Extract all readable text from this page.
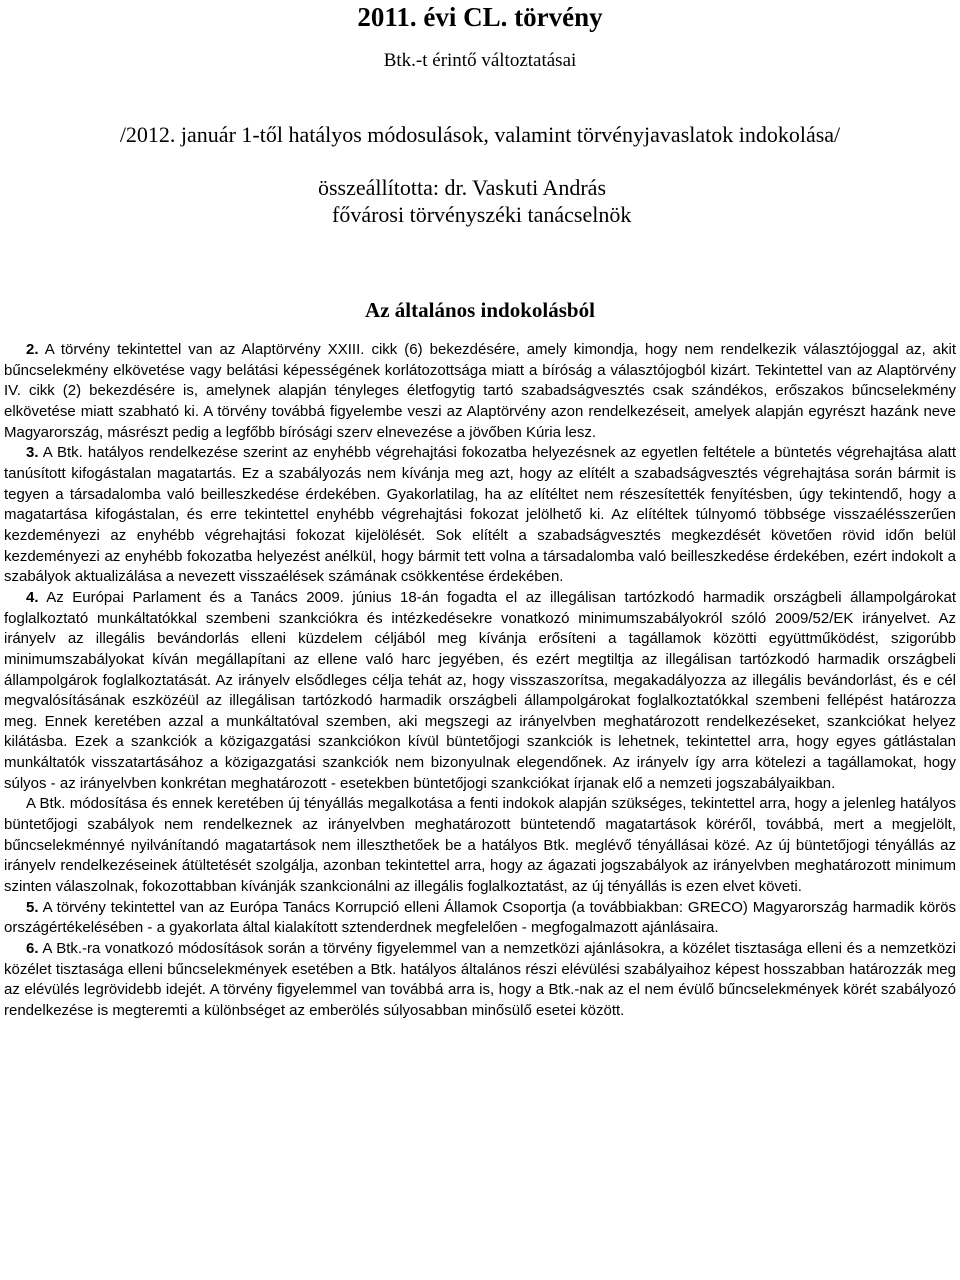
2011. évi CL. törvény
Btk.-t érintő változtatásai
/2012. január 1-től hatályos módosulások, valamint törvényjavaslatok indokolása/
összeállította: dr. Vaskuti András
fővárosi törvényszéki tanácselnök
Az általános indokolásból

2. A törvény tekintettel van az Alaptörvény XXIII. cikk (6) bekezdésére, amely kimondja, hogy nem rendelkezik választójoggal az, akit bűncselekmény elkövetése vagy belátási képességének korlátozottsága miatt a bíróság a választójogból kizárt. Tekintettel van az Alaptörvény IV. cikk (2) bekezdésére is, amelynek alapján tényleges életfogytig tartó szabadságvesztés csak szándékos, erőszakos bűncselekmény elkövetése miatt szabható ki. A törvény továbbá figyelembe veszi az Alaptörvény azon rendelkezéseit, amelyek alapján egyrészt hazánk neve Magyarország, másrészt pedig a legfőbb bírósági szerv elnevezése a jövőben Kúria lesz.

3. A Btk. hatályos rendelkezése szerint az enyhébb végrehajtási fokozatba helyezésnek az egyetlen feltétele a büntetés végrehajtása alatt tanúsított kifogástalan magatartás. Ez a szabályozás nem kívánja meg azt, hogy az elítélt a szabadságvesztés végrehajtása során bármit is tegyen a társadalomba való beilleszkedése érdekében. Gyakorlatilag, ha az elítéltet nem részesítették fenyítésben, úgy tekintendő, hogy a magatartása kifogástalan, és erre tekintettel enyhébb végrehajtási fokozat jelölhető ki. Az elítéltek túlnyomó többsége visszaélésszerűen kezdeményezi az enyhébb végrehajtási fokozat kijelölését. Sok elítélt a szabadságvesztés megkezdését követően rövid időn belül kezdeményezi az enyhébb fokozatba helyezést anélkül, hogy bármit tett volna a társadalomba való beilleszkedése érdekében, ezért indokolt a szabályok aktualizálása a nevezett visszaélések számának csökkentése érdekében.

4. Az Európai Parlament és a Tanács 2009. június 18-án fogadta el az illegálisan tartózkodó harmadik országbeli állampolgárokat foglalkoztató munkáltatókkal szembeni szankciókra és intézkedésekre vonatkozó minimumszabályokról szóló 2009/52/EK irányelvet. Az irányelv az illegális bevándorlás elleni küzdelem céljából meg kívánja erősíteni a tagállamok közötti együttműködést, szigorúbb minimumszabályokat kíván megállapítani az ellene való harc jegyében, és ezért megtiltja az illegálisan tartózkodó harmadik országbeli állampolgárok foglalkoztatását. Az irányelv elsődleges célja tehát az, hogy visszaszorítsa, megakadályozza az illegális bevándorlást, és e cél megvalósításának eszközéül az illegálisan tartózkodó harmadik országbeli állampolgárokat foglalkoztatókkal szembeni fellépést határozza meg. Ennek keretében azzal a munkáltatóval szemben, aki megszegi az irányelvben meghatározott rendelkezéseket, szankciókat helyez kilátásba. Ezek a szankciók a közigazgatási szankciókon kívül büntetőjogi szankciók is lehetnek, tekintettel arra, hogy egyes gátlástalan munkáltatók visszatartásához a közigazgatási szankciók nem bizonyulnak elegendőnek. Az irányelv így arra kötelezi a tagállamokat, hogy súlyos - az irányelvben konkrétan meghatározott - esetekben büntetőjogi szankciókat írjanak elő a nemzeti jogszabályaikban.

A Btk. módosítása és ennek keretében új tényállás megalkotása a fenti indokok alapján szükséges, tekintettel arra, hogy a jelenleg hatályos büntetőjogi szabályok nem rendelkeznek az irányelvben meghatározott büntetendő magatartások köréről, továbbá, mert a megjelölt, bűncselekménnyé nyilvánítandó magatartások nem illeszthetőek be a hatályos Btk. meglévő tényállásai közé. Az új büntetőjogi tényállás az irányelv rendelkezéseinek átültetését szolgálja, azonban tekintettel arra, hogy az ágazati jogszabályok az irányelvben meghatározott minimum szinten válaszolnak, fokozottabban kívánják szankcionálni az illegális foglalkoztatást, az új tényállás is ezen elvet követi.

5. A törvény tekintettel van az Európa Tanács Korrupció elleni Államok Csoportja (a továbbiakban: GRECO) Magyarország harmadik körös országértékelésében - a gyakorlata által kialakított sztenderdnek megfelelően - megfogalmazott ajánlásaira.

6. A Btk.-ra vonatkozó módosítások során a törvény figyelemmel van a nemzetközi ajánlásokra, a közélet tisztasága elleni és a nemzetközi közélet tisztasága elleni bűncselekmények esetében a Btk. hatályos általános részi elévülési szabályaihoz képest hosszabban határozzák meg az elévülés legrövidebb idejét. A törvény figyelemmel van továbbá arra is, hogy a Btk.-nak az el nem évülő bűncselekmények körét szabályozó rendelkezése is megteremti a különbséget az emberölés súlyosabban minősülő esetei között.
